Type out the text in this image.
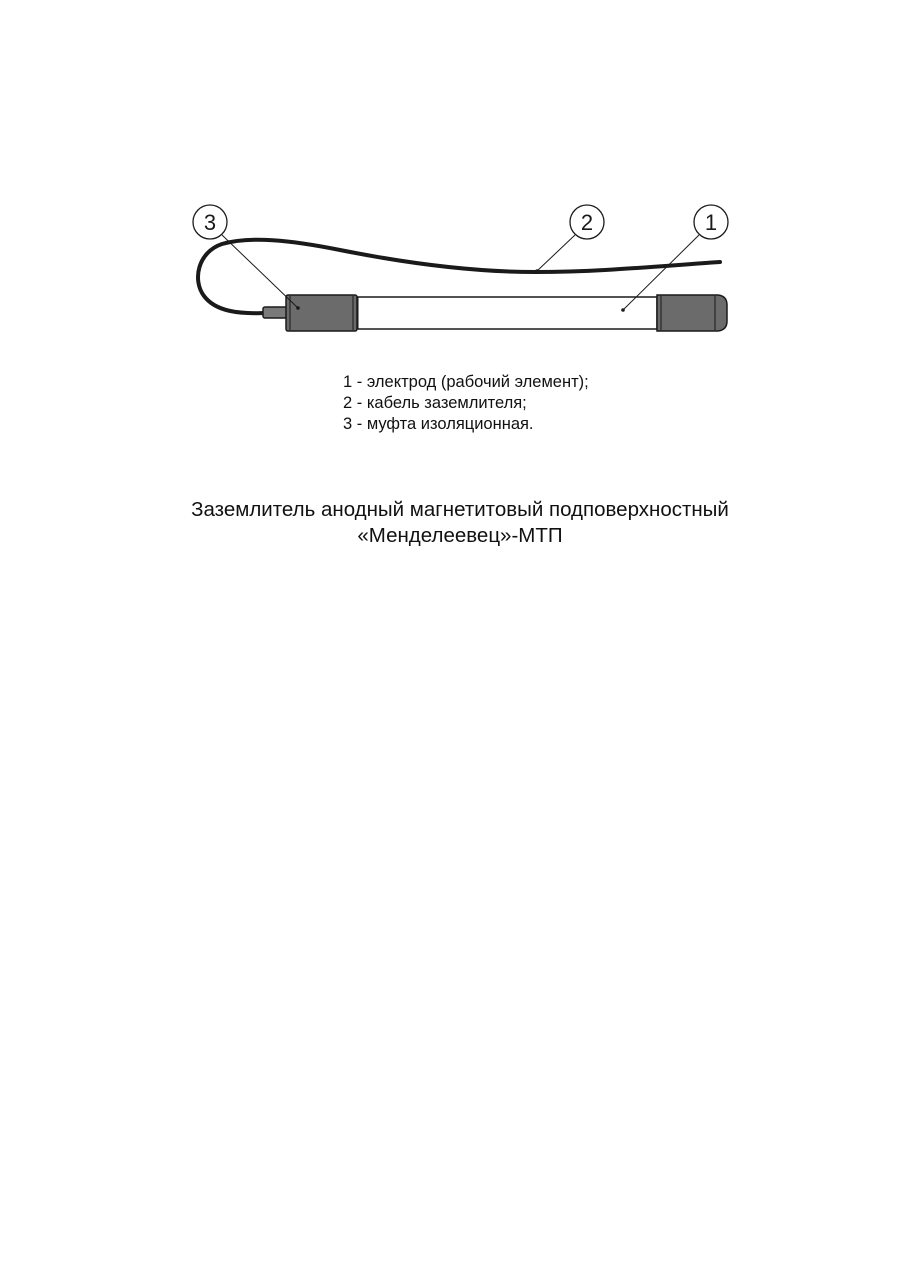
3	2	1
1 - электрод (рабочий элемент);
2 - кабель заземлителя;
3 - муфта изоляционная.
Заземлитель анодный магнетитовый подповерхностный
«Менделеевец»-МТП
